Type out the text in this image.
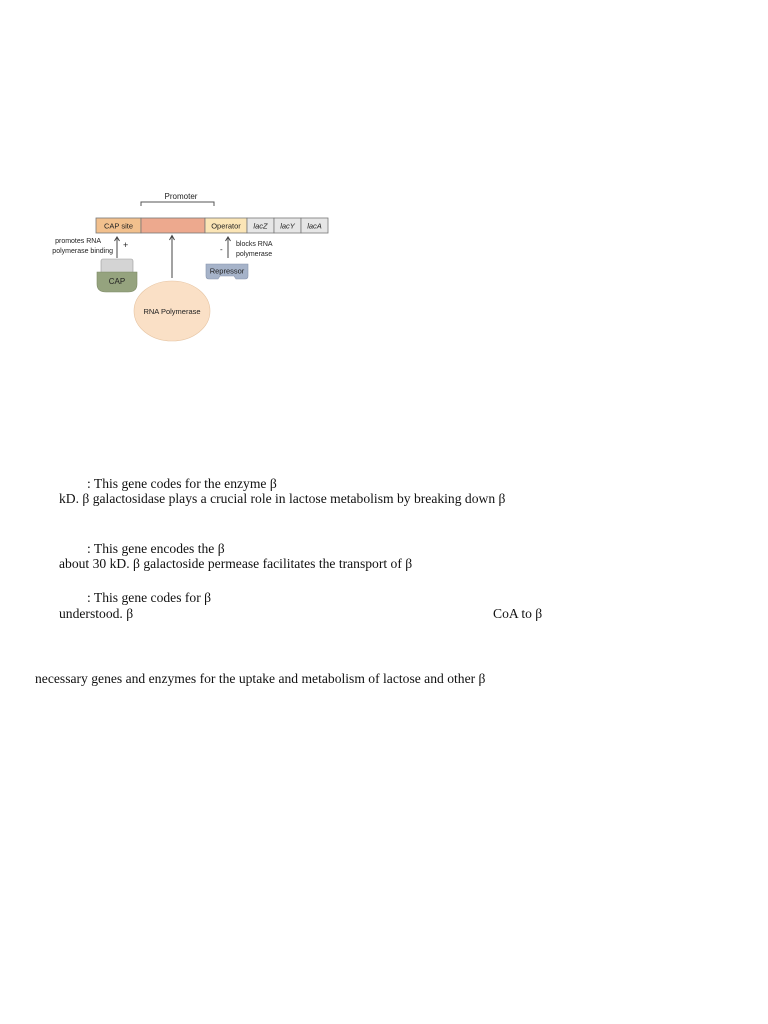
Promoter
CAP site	Operator lacZ lacY lacA
promotes RNA
polymerase binding
+
CAP
RNA Polymerase
-
blocks RNA
polymerase
Repressor
: This gene codes for the enzyme β
kD. β galactosidase plays a crucial role in lactose metabolism by breaking down β
: This gene encodes the β
about 30 kD. β galactoside permease facilitates the transport of β
: This gene codes for β
understood. β	CoA to β
necessary genes and enzymes for the uptake and metabolism of lactose and other β
